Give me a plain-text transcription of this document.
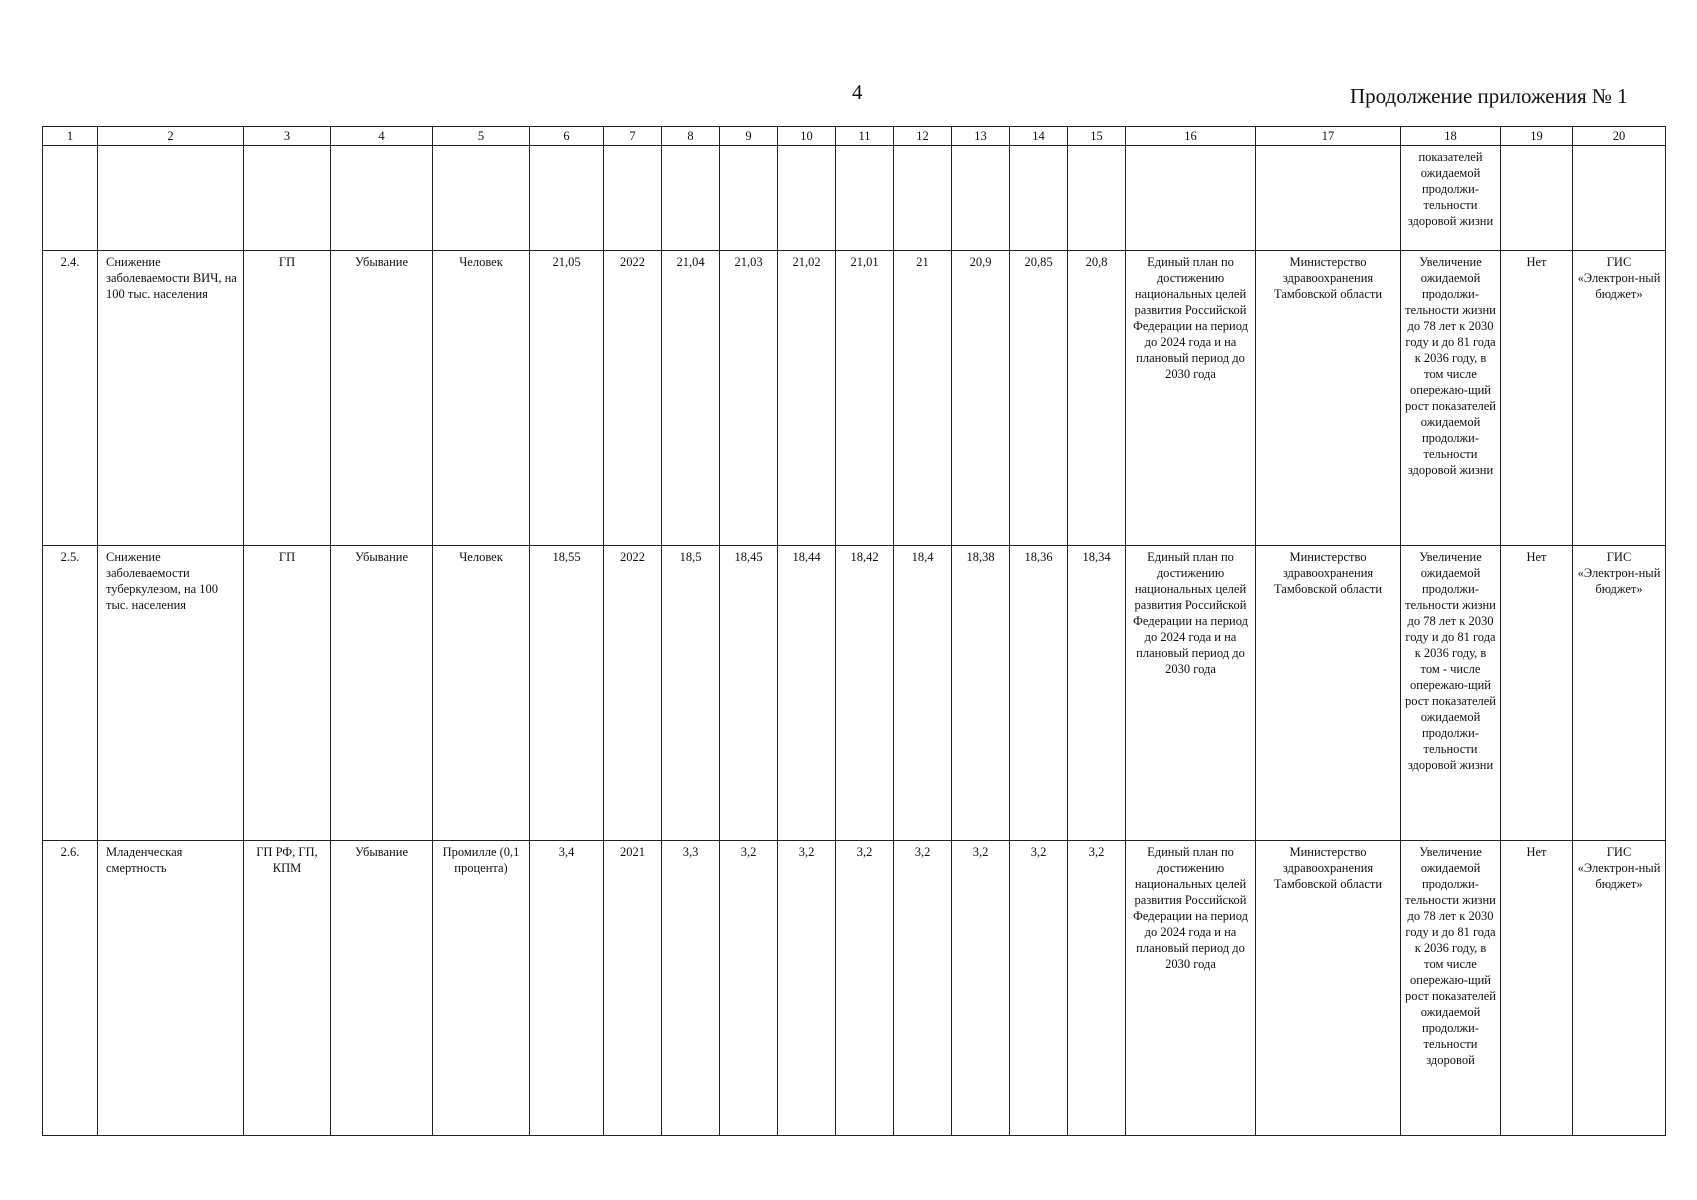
4	Продолжение приложения № 1
1	2	3	4	5	6	7	8	9	10	11	12	13	14	15	16	17	18	19	20
																	показателей ожидаемой продолжи-тельности здоровой жизни		
2.4.	Снижение заболеваемости ВИЧ, на 100 тыс. населения	ГП	Убывание	Человек	21,05	2022	21,04	21,03	21,02	21,01	21	20,9	20,85	20,8	Единый план по достижению национальных целей развития Российской Федерации на период до 2024 года и на плановый период до 2030 года	Министерство здравоохранения Тамбовской области	Увеличение ожидаемой продолжи-тельности жизни до 78 лет к 2030 году и до 81 года к 2036 году, в том числе опережаю-щий рост показателей ожидаемой продолжи-тельности здоровой жизни	Нет	ГИС «Электрон-ный бюджет»
2.5.	Снижение заболеваемости туберкулезом, на 100 тыс. населения	ГП	Убывание	Человек	18,55	2022	18,5	18,45	18,44	18,42	18,4	18,38	18,36	18,34	Единый план по достижению национальных целей развития Российской Федерации на период до 2024 года и на плановый период до 2030 года	Министерство здравоохранения Тамбовской области	Увеличение ожидаемой продолжи-тельности жизни до 78 лет к 2030 году и до 81 года к 2036 году, в том - числе опережаю-щий рост показателей ожидаемой продолжи-тельности здоровой жизни	Нет	ГИС «Электрон-ный бюджет»
2.6.	Младенческая смертность	ГП РФ, ГП, КПМ	Убывание	Промилле (0,1 процента)	3,4	2021	3,3	3,2	3,2	3,2	3,2	3,2	3,2	3,2	Единый план по достижению национальных целей развития Российской Федерации на период до 2024 года и на плановый период до 2030 года	Министерство здравоохранения Тамбовской области	Увеличение ожидаемой продолжи-тельности жизни до 78 лет к 2030 году и до 81 года к 2036 году, в том числе опережаю-щий рост показателей ожидаемой продолжи-тельности здоровой	Нет	ГИС «Электрон-ный бюджет»
